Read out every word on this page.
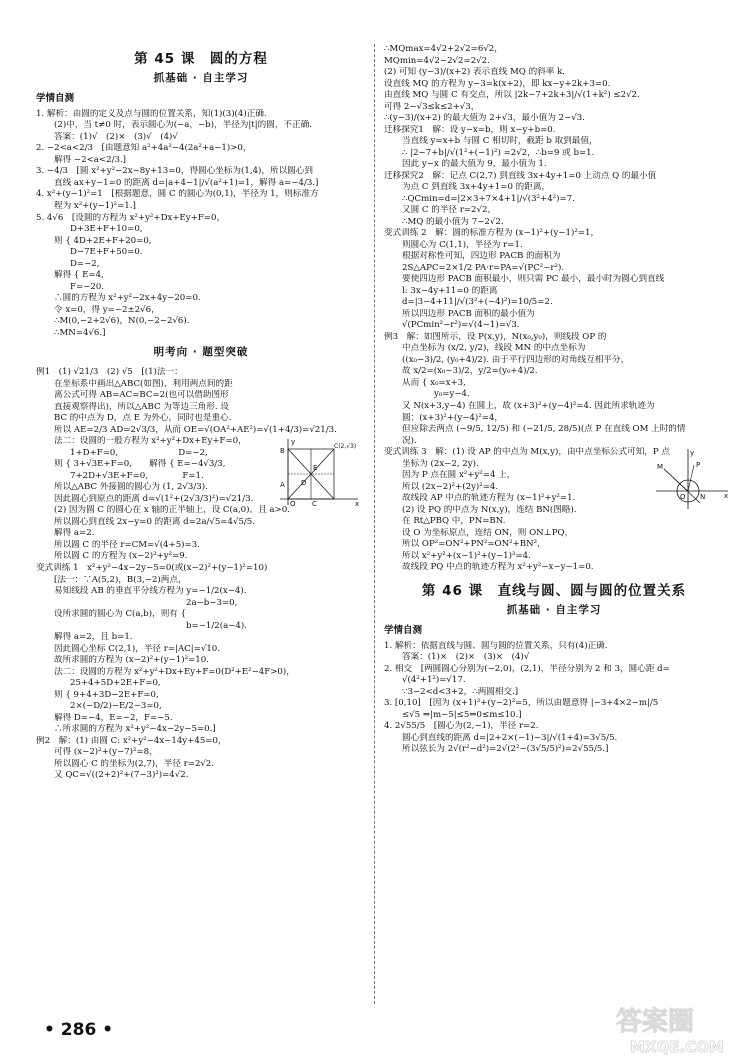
第 45 课　圆的方程
抓基础 · 自主学习
学情自测
1. 解析：由圆的定义及点与圆的位置关系，知(1)(3)(4)正确.
(2)中，当 t≠0 时，表示圆心为(−a，−b)，半径为|t|的圆，不正确.
答案：(1)√　(2)×　(3)√　(4)√
2. −2<a<2/3　[由题意知 a²+4a²−4(2a²+a−1)>0，
解得 −2<a<2/3.]
3. −4/3　[圆 x²+y²−2x−8y+13=0，得圆心坐标为(1,4)，所以圆心到
直线 ax+y−1=0 的距离 d=|a+4−1|/√(a²+1)=1，解得 a=−4/3.]
4. x²+(y−1)²=1　[根据题意，圆 C 的圆心为(0,1)，半径为 1，则标准方
程为 x²+(y−1)²=1.]
5. 4√6　[设圆的方程为 x²+y²+Dx+Ey+F=0，
D+3E+F+10=0,
则 { 4D+2E+F+20=0,
D−7E+F+50=0.
D=−2,
解得 { E=4,
F=−20.
∴圆的方程为 x²+y²−2x+4y−20=0.
令 x=0，得 y=−2±2√6，
∴M(0,−2+2√6)，N(0,−2−2√6).
∴MN=4√6.]
明考向 · 题型突破
例1　(1) √21/3　(2) √5　[(1)法一：
在坐标系中画出△ABC(如图)，利用两点间的距
离公式可得 AB=AC=BC=2(也可以借助图形
直接观察得出)，所以△ABC 为等边三角形. 设
BC 的中点为 D，点 E 为外心，同时也是重心.
所以 AE=2/3 AD=2√3/3，从而 OE=√(OA²+AE²)=√(1+4/3)=√21/3.
法二：设圆的一般方程为 x²+y²+Dx+Ey+F=0，
1+D+F=0,　　　　　　　D=−2,
则 { 3+√3E+F=0,　　解得 { E=−4√3/3,
7+2D+√3E+F=0,　　　　F=1.
所以△ABC 外接圆的圆心为 (1, 2√3/3).
因此圆心到原点的距离 d=√(1²+(2√3/3)²)=√21/3.
(2) 因为圆 C 的圆心在 x 轴的正半轴上，设 C(a,0)，且 a>0.
所以圆心到直线 2x−y=0 的距离 d=2a/√5=4√5/5.
解得 a=2.
所以圆 C 的半径 r=CM=√(4+5)=3.
所以圆 C 的方程为 (x−2)²+y²=9.
变式训练 1　x²+y²−4x−2y−5=0(或(x−2)²+(y−1)²=10)
[法一：∵A(5,2)，B(3,−2)两点，
易知线段 AB 的垂直平分线方程为 y=−1/2(x−4).
2a−b−3=0,
设所求圆的圆心为 C(a,b)，则有 {
b=−1/2(a−4).
解得 a=2，且 b=1.
因此圆心坐标 C(2,1)，半径 r=|AC|=√10.
故所求圆的方程为 (x−2)²+(y−1)²=10.
法二：设圆的方程为 x²+y²+Dx+Ey+F=0(D²+E²−4F>0)，
25+4+5D+2E+F=0,
则 { 9+4+3D−2E+F=0,
2×(−D/2)−E/2−3=0,
解得 D=−4，E=−2，F=−5.
∴所求圆的方程为 x²+y²−4x−2y−5=0.]
例2　解：(1) 由圆 C: x²+y²−4x−14y+45=0，
可得 (x−2)²+(y−7)²=8，
所以圆心 C 的坐标为(2,7)，半径 r=2√2.
又 QC=√((2+2)²+(7−3)²)=4√2.
y
B
A
E
D
O C
C(2,√3)
x
∴MQmax=4√2+2√2=6√2，
MQmin=4√2−2√2=2√2.
(2) 可知 (y−3)/(x+2) 表示直线 MQ 的斜率 k.
设直线 MQ 的方程为 y−3=k(x+2)，即 kx−y+2k+3=0.
由直线 MQ 与圆 C 有交点，所以 |2k−7+2k+3|/√(1+k²) ≤2√2.
可得 2−√3≤k≤2+√3，
∴(y−3)/(x+2) 的最大值为 2+√3，最小值为 2−√3.
迁移探究1　解：设 y−x=b，则 x−y+b=0.
当直线 y=x+b 与圆 C 相切时，截距 b 取到最值，
∴ |2−7+b|/√(1²+(−1)²) =2√2，∴b=9 或 b=1.
因此 y−x 的最大值为 9，最小值为 1.
迁移探究2　解：记点 C(2,7) 到直线 3x+4y+1=0 上动点 Q 的最小值
为点 C 到直线 3x+4y+1=0 的距离，
∴QCmin=d=|2×3+7×4+1|/√(3²+4²)=7.
又圆 C 的半径 r=2√2，
∴MQ 的最小值为 7−2√2.
变式训练 2　解：圆的标准方程为 (x−1)²+(y−1)²=1，
则圆心为 C(1,1)，半径为 r=1.
根据对称性可知，四边形 PACB 的面积为
2S△APC=2×1/2 PA·r=PA=√(PC²−r²).
要使四边形 PACB 面积最小，则只需 PC 最小，最小时为圆心到直线
l: 3x−4y+11=0 的距离
d=|3−4+11|/√(3²+(−4)²)=10/5=2.
所以四边形 PACB 面积的最小值为
√(PCmin²−r²)=√(4−1)=√3.
例3　解：如图所示，设 P(x,y)，N(x₀,y₀)，则线段 OP 的
中点坐标为 (x/2, y/2)，线段 MN 的中点坐标为
((x₀−3)/2, (y₀+4)/2). 由于平行四边形的对角线互相平分，
故 x/2=(x₀−3)/2，y/2=(y₀+4)/2.
从而 { x₀=x+3,
y₀=y−4.
又 N(x+3,y−4) 在圆上，故 (x+3)²+(y−4)²=4. 因此所求轨迹为
圆：(x+3)²+(y−4)²=4，
但应除去两点 (−9/5, 12/5) 和 (−21/5, 28/5)(点 P 在直线 OM 上时的情
况).
变式训练 3　解：(1) 设 AP 的中点为 M(x,y)，由中点坐标公式可知，P 点
坐标为 (2x−2, 2y).
因为 P 点在圆 x²+y²=4 上，
所以 (2x−2)²+(2y)²=4.
故线段 AP 中点的轨迹方程为 (x−1)²+y²=1.
(2) 设 PQ 的中点为 N(x,y)，连结 BN(图略).
在 Rt△PBQ 中，PN=BN.
设 O 为坐标原点，连结 ON，则 ON⊥PQ，
所以 OP²=ON²+PN²=ON²+BN²，
所以 x²+y²+(x−1)²+(y−1)²=4.
故线段 PQ 中点的轨迹方程为 x²+y²−x−y−1=0.
第 46 课　直线与圆、圆与圆的位置关系
抓基础 · 自主学习
学情自测
1. 解析：依据直线与圆、圆与圆的位置关系，只有(4)正确.
答案：(1)×　(2)×　(3)×　(4)√
2. 相交　[两圆圆心分别为(−2,0)，(2,1)，半径分别为 2 和 3，圆心距 d=
√(4²+1²)=√17.
∵3−2<d<3+2，∴两圆相交.]
3. [0,10]　[因为 (x+1)²+(y−2)²=5，所以由题意得 |−3+4×2−m|/5
≤√5 ⇒|m−5|≤5⇒0≤m≤10.]
4. 2√55/5　[圆心为(2,−1)，半径 r=2.
圆心到直线的距离 d=|2+2×(−1)−3|/√(1+4)=3√5/5.
所以弦长为 2√(r²−d²)=2√(2²−(3√5/5)²)=2√55/5.]
y
M
N
P
O	x
• 286 •	答案圈
MXQE.COM
